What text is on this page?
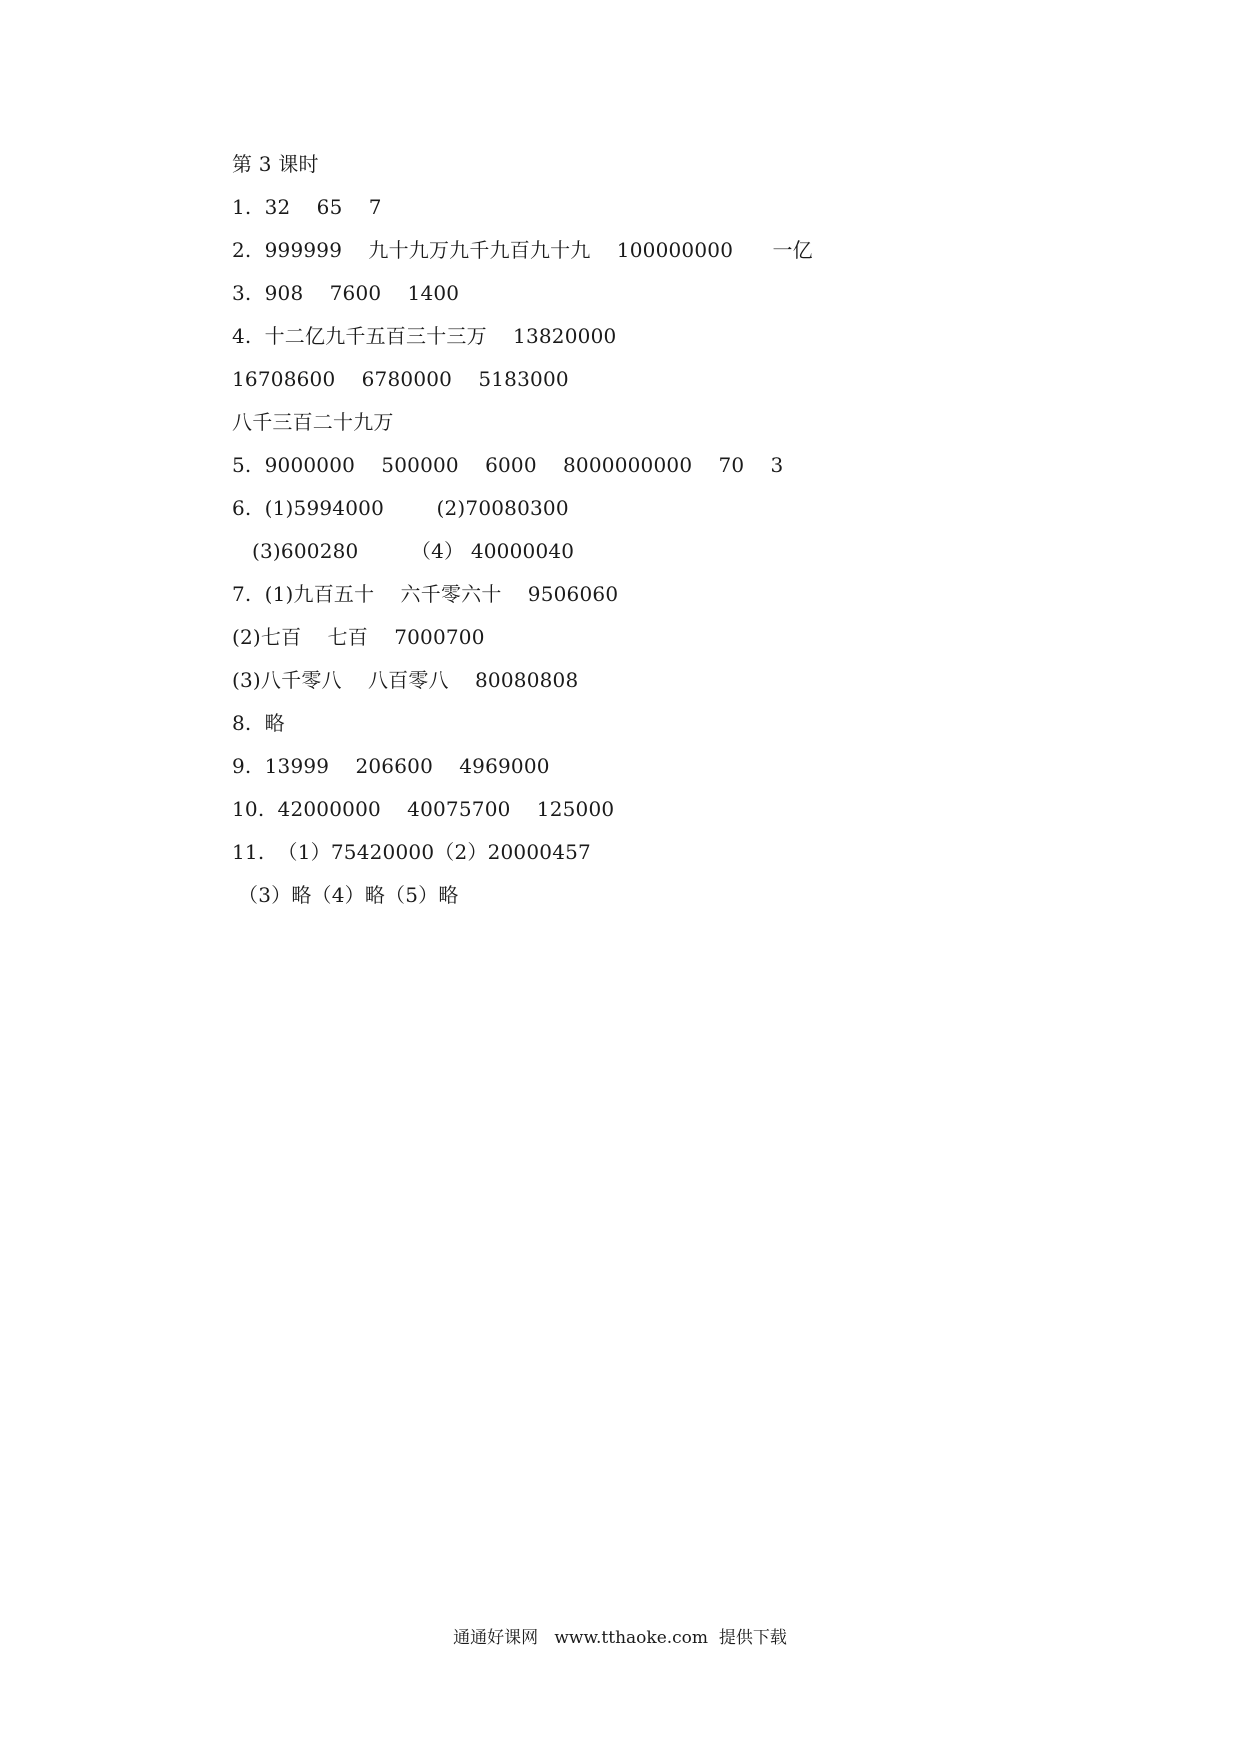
第 3 课时
1.  32    65    7
2.  999999    九十九万九千九百九十九    100000000      一亿
3.  908    7600    1400
4.  十二亿九千五百三十三万    13820000
16708600    6780000    5183000
八千三百二十九万
5.  9000000    500000    6000    8000000000    70    3
6.  (1)5994000        (2)70080300
(3)600280        （4） 40000040
7.  (1)九百五十    六千零六十    9506060
(2)七百    七百    7000700
(3)八千零八    八百零八    80080808
8.  略
9.  13999    206600    4969000
10.  42000000    40075700    125000
11.  （1）75420000（2）20000457
（3）略（4）略（5）略
通通好课网   www.tthaoke.com  提供下载
